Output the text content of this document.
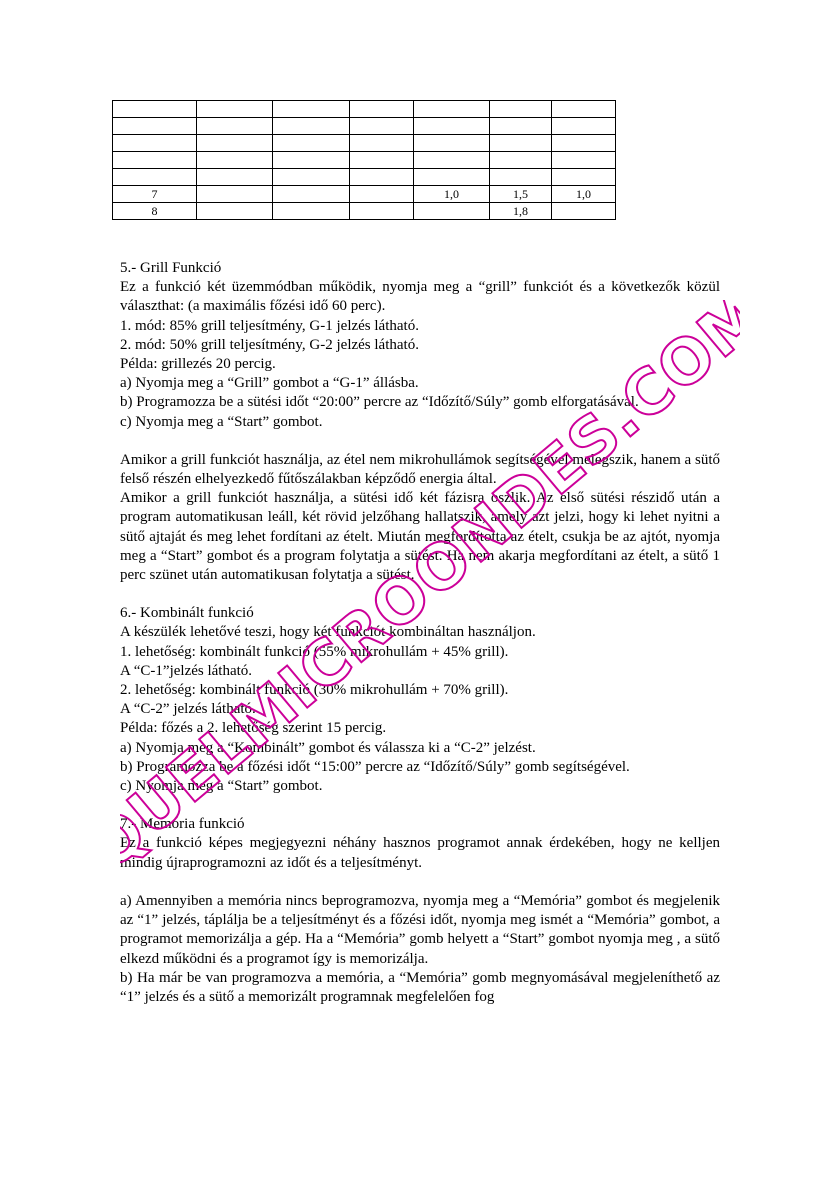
7				1,0	1,5	1,0
8					1,8	

5.- Grill Funkció

Ez a funkció két üzemmódban működik, nyomja meg a “grill” funkciót és a következők közül választhat: (a maximális főzési idő 60 perc).

1. mód: 85% grill teljesítmény, G-1 jelzés látható.

2. mód: 50% grill teljesítmény, G-2 jelzés látható.

Példa: grillezés 20 percig.

a) Nyomja meg a “Grill” gombot a “G-1” állásba.

b) Programozza be a sütési időt “20:00” percre az “Időzítő/Súly” gomb elforgatásával.

c) Nyomja meg a “Start” gombot.

Amikor a grill funkciót használja, az étel nem mikrohullámok segítségével melegszik, hanem a sütő felső részén elhelyezkedő fűtőszálakban képződő energia által.

Amikor a grill funkciót használja, a sütési idő két fázisra oszlik. Az első sütési részidő után a program automatikusan leáll, két rövid jelzőhang hallatszik, amely azt jelzi, hogy ki lehet nyitni a sütő ajtaját és meg lehet fordítani az ételt. Miután megfordította az ételt, csukja be az ajtót, nyomja meg a “Start” gombot és a program folytatja a sütést. Ha nem akarja megfordítani az ételt, a sütő 1 perc szünet után automatikusan folytatja a sütést.

6.- Kombinált funkció

A készülék lehetővé teszi, hogy két funkciót kombináltan használjon.

1. lehetőség: kombinált funkció (55% mikrohullám + 45% grill).

A “C-1”jelzés látható.

2. lehetőség: kombinált funkció (30% mikrohullám + 70% grill).

A “C-2” jelzés látható.

Példa: főzés a 2. lehetőség szerint 15 percig.

a) Nyomja meg a “Kombinált” gombot és válassza ki a “C-2” jelzést.

b) Programozza be a főzési időt “15:00” percre az “Időzítő/Súly” gomb segítségével.

c) Nyomja meg a “Start” gombot.

7.- Memória funkció

Ez a funkció képes megjegyezni néhány hasznos programot annak érdekében, hogy ne kelljen mindig újraprogramozni az időt és a teljesítményt.

a) Amennyiben a memória nincs beprogramozva, nyomja meg a “Memória” gombot és megjelenik az “1” jelzés, táplálja be a teljesítményt és a főzési időt, nyomja meg ismét a “Memória” gombot, a programot memorizálja a gép. Ha a “Memória” gomb helyett a “Start” gombot nyomja meg , a sütő elkezd működni és a programot így is memorizálja.

b) Ha már be van programozva a memória, a “Memória” gomb megnyomásával megjeleníthető az “1” jelzés és a sütő a memorizált programnak megfelelően fog

QUELMICROONDES.COM
